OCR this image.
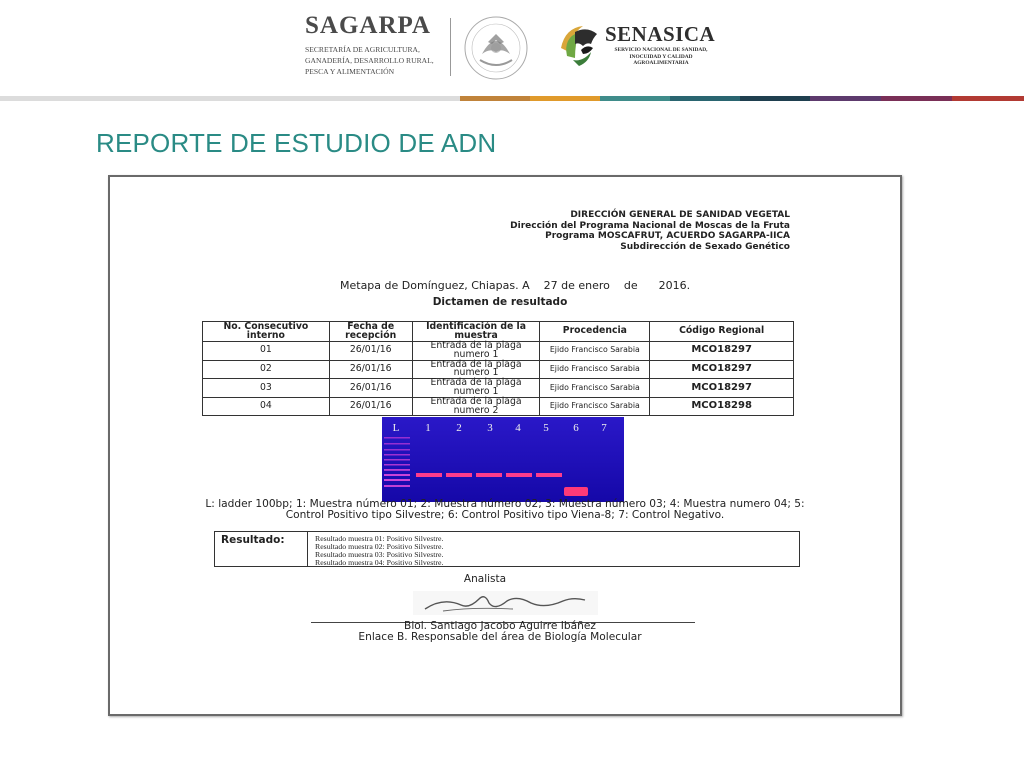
SAGARPA
SECRETARÍA DE AGRICULTURA,
GANADERÍA, DESARROLLO RURAL,
PESCA Y ALIMENTACIÓN
SENASICA
SERVICIO NACIONAL DE SANIDAD,
INOCUIDAD Y CALIDAD
AGROALIMENTARIA
REPORTE DE ESTUDIO DE ADN
DIRECCIÓN GENERAL DE SANIDAD VEGETAL
Dirección del Programa Nacional de Moscas de la Fruta
Programa MOSCAFRUT, ACUERDO SAGARPA-IICA
Subdirección de Sexado Genético
Metapa de Domínguez, Chiapas. A    27 de enero    de      2016.
Dictamen de resultado
No. Consecutivo interno	Fecha de recepción	Identificación de la muestra	Procedencia	Código Regional
01	26/01/16	Entrada de la plaga numero 1	Ejido Francisco Sarabia	MCO18297
02	26/01/16	Entrada de la plaga numero 1	Ejido Francisco Sarabia	MCO18297
03	26/01/16	Entrada de la plaga numero 1	Ejido Francisco Sarabia	MCO18297
04	26/01/16	Entrada de la plaga numero 2	Ejido Francisco Sarabia	MCO18298
L 1 2 3 4 5 6 7
L: ladder 100bp; 1: Muestra número 01; 2: Muestra número 02; 3: Muestra número 03; 4: Muestra numero 04; 5: Control Positivo tipo Silvestre; 6: Control Positivo tipo Viena-8; 7: Control Negativo.
Resultado:	Resultado muestra 01: Positivo Silvestre.
Resultado muestra 02: Positivo Silvestre.
Resultado muestra 03: Positivo Silvestre.
Resultado muestra 04: Positivo Silvestre.
Analista
Biol. Santiago Jacobo Aguirre Ibáñez
Enlace B. Responsable del área de Biología Molecular
